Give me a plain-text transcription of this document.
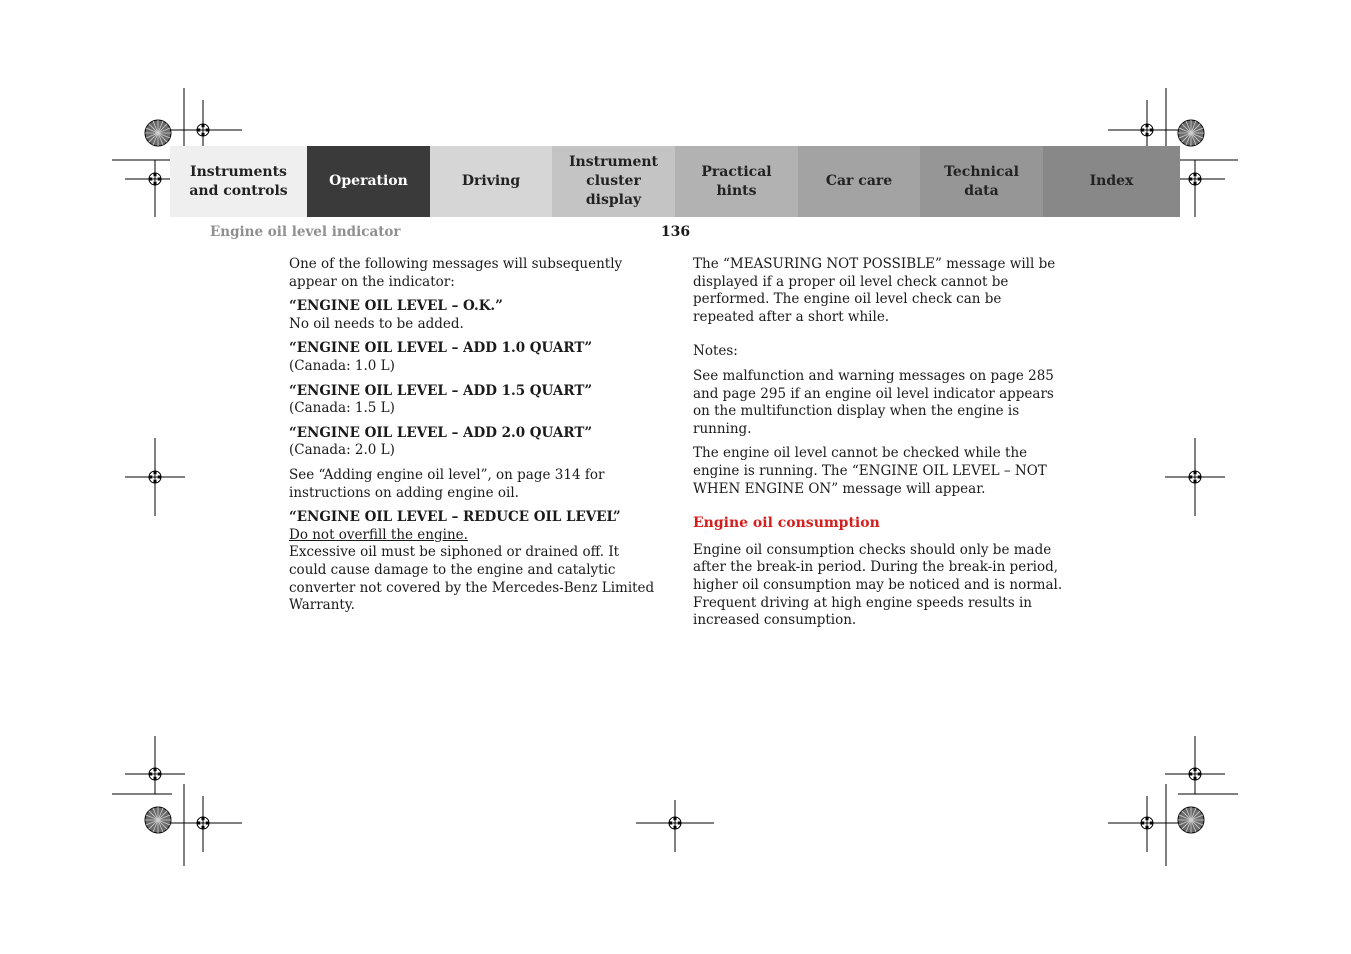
Instruments
and controls
Operation	Driving
Instrument
cluster display
Practical hints
Car care
Technical
data
Index
Engine oil level indicator	136

One of the following messages will subsequently appear on the indicator:

“ENGINE OIL LEVEL – O.K.”

No oil needs to be added.

“ENGINE OIL LEVEL – ADD 1.0 QUART”

(Canada: 1.0 L)

“ENGINE OIL LEVEL – ADD 1.5 QUART”

(Canada: 1.5 L)

“ENGINE OIL LEVEL – ADD 2.0 QUART”

(Canada: 2.0 L)

See “Adding engine oil level”, on page 314 for instructions on adding engine oil.

“ENGINE OIL LEVEL – REDUCE OIL LEVEL”

Do not overfill the engine.

Excessive oil must be siphoned or drained off. It could cause damage to the engine and catalytic converter not covered by the Mercedes-Benz Limited Warranty.

The “MEASURING NOT POSSIBLE” message will be displayed if a proper oil level check cannot be performed. The engine oil level check can be repeated after a short while.

Notes:

See malfunction and warning messages on page 285 and page 295 if an engine oil level indicator appears on the multifunction display when the engine is running.

The engine oil level cannot be checked while the engine is running. The “ENGINE OIL LEVEL – NOT WHEN ENGINE ON” message will appear.

Engine oil consumption

Engine oil consumption checks should only be made after the break-in period. During the break-in period, higher oil consumption may be noticed and is normal. Frequent driving at high engine speeds results in increased consumption.
